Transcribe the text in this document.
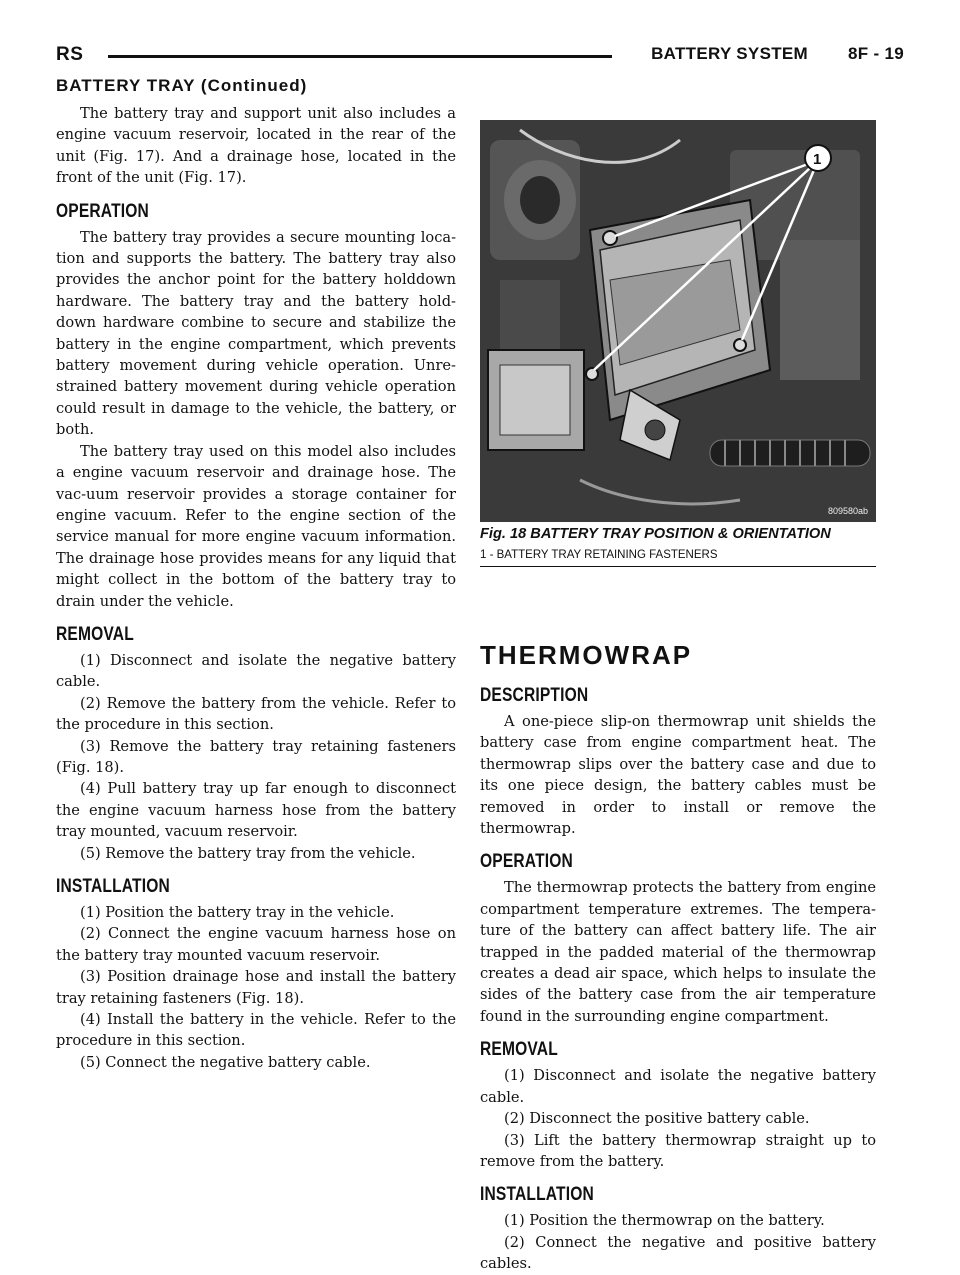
RS	BATTERY SYSTEM 8F - 19
BATTERY TRAY (Continued)

The battery tray and support unit also includes a engine vacuum reservoir, located in the rear of the unit (Fig. 17). And a drainage hose, located in the front of the unit (Fig. 17).

OPERATION

The battery tray provides a secure mounting loca-tion and supports the battery. The battery tray also provides the anchor point for the battery holddown hardware. The battery tray and the battery hold-down hardware combine to secure and stabilize the battery in the engine compartment, which prevents battery movement during vehicle operation. Unre-strained battery movement during vehicle operation could result in damage to the vehicle, the battery, or both.

The battery tray used on this model also includes a engine vacuum reservoir and drainage hose. The vac-uum reservoir provides a storage container for engine vacuum. Refer to the engine section of the service manual for more engine vacuum information. The drainage hose provides means for any liquid that might collect in the bottom of the battery tray to drain under the vehicle.

REMOVAL

(1) Disconnect and isolate the negative battery cable.

(2) Remove the battery from the vehicle. Refer to the procedure in this section.

(3) Remove the battery tray retaining fasteners (Fig. 18).

(4) Pull battery tray up far enough to disconnect the engine vacuum harness hose from the battery tray mounted, vacuum reservoir.

(5) Remove the battery tray from the vehicle.

INSTALLATION

(1) Position the battery tray in the vehicle.

(2) Connect the engine vacuum harness hose on the battery tray mounted vacuum reservoir.

(3) Position drainage hose and install the battery tray retaining fasteners (Fig. 18).

(4) Install the battery in the vehicle. Refer to the procedure in this section.

(5) Connect the negative battery cable.

1
809580ab
Fig. 18 BATTERY TRAY POSITION & ORIENTATION
1 - BATTERY TRAY RETAINING FASTENERS
THERMOWRAP
DESCRIPTION

A one-piece slip-on thermowrap unit shields the battery case from engine compartment heat. The thermowrap slips over the battery case and due to its one piece design, the battery cables must be removed in order to install or remove the thermowrap.

OPERATION

The thermowrap protects the battery from engine compartment temperature extremes. The tempera-ture of the battery can affect battery life. The air trapped in the padded material of the thermowrap creates a dead air space, which helps to insulate the sides of the battery case from the air temperature found in the surrounding engine compartment.

REMOVAL

(1) Disconnect and isolate the negative battery cable.

(2) Disconnect the positive battery cable.

(3) Lift the battery thermowrap straight up to remove from the battery.

INSTALLATION

(1) Position the thermowrap on the battery.

(2) Connect the negative and positive battery cables.
